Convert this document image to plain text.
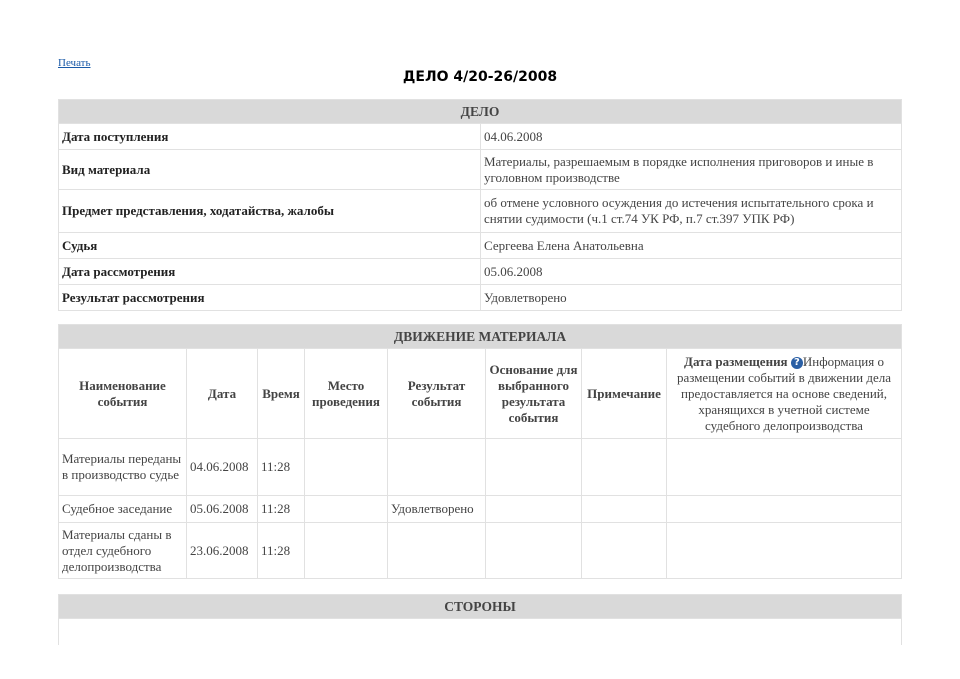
Печать
ДЕЛО 4/20-26/2008
ДЕЛО	
Дата поступления	04.06.2008
Вид материала	Материалы, разрешаемым в порядке исполнения приговоров и иные в уголовном производстве
Предмет представления, ходатайства, жалобы	об отмене условного осуждения до истечения испытательного срока и снятии судимости (ч.1 ст.74 УК РФ, п.7 ст.397 УПК РФ)
Судья	Сергеева Елена Анатольевна
Дата рассмотрения	05.06.2008
Результат рассмотрения	Удовлетворено
ДВИЖЕНИЕ МАТЕРИАЛА							
Наименование события	Дата	Время	Место проведения	Результат события	Основание для выбранного результата события	Примечание	Дата размещения ? Информация о размещении событий в движении дела предоставляется на основе сведений, хранящихся в учетной системе судебного делопроизводства
Материалы переданы в производство судье	04.06.2008	11:28					
Судебное заседание	05.06.2008	11:28		Удовлетворено			
Материалы сданы в отдел судебного делопроизводства	23.06.2008	11:28					
СТОРОНЫ
